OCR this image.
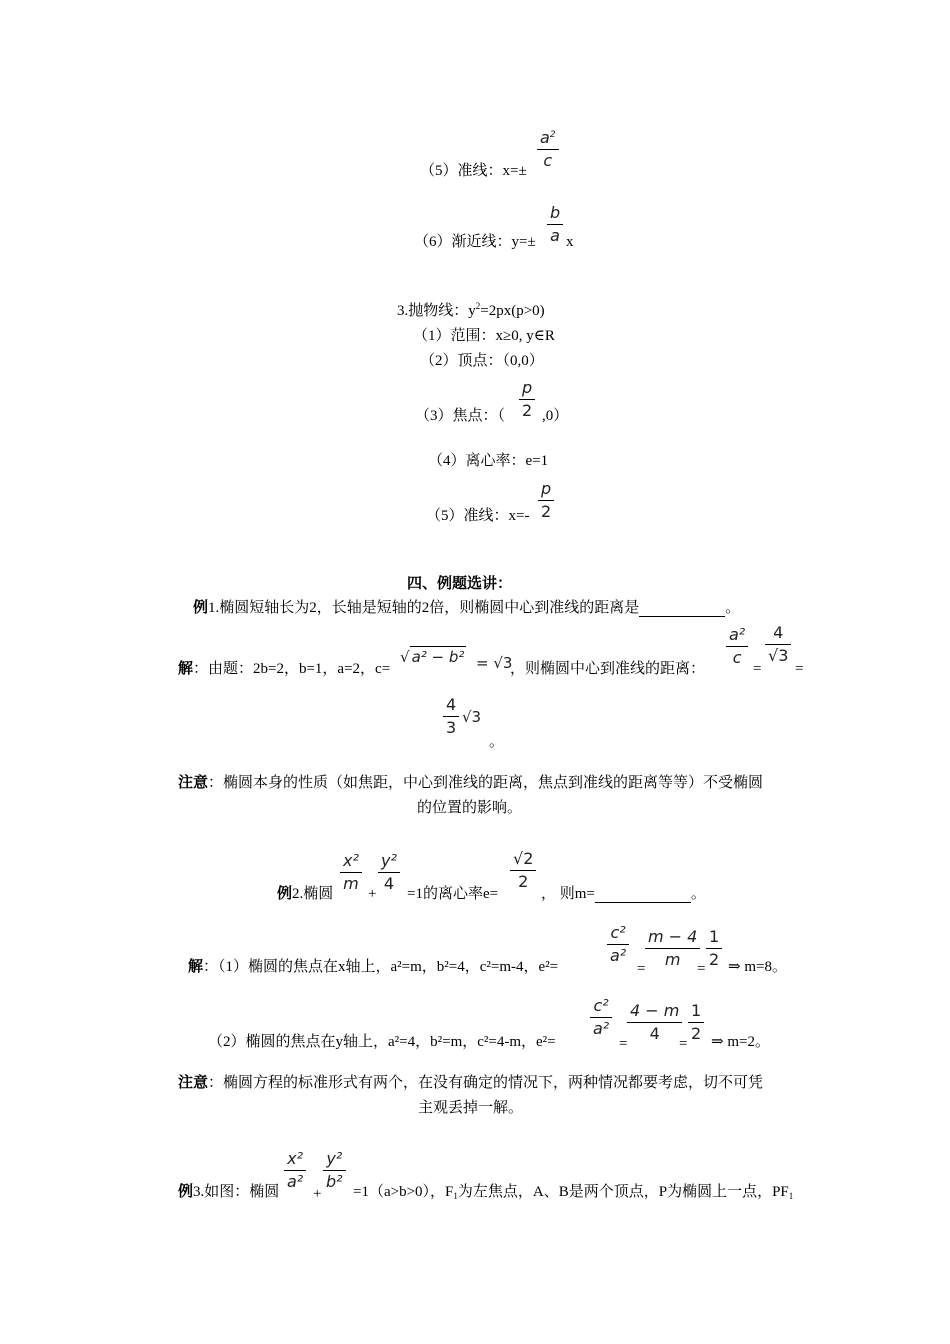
$\frac{a^2}{c}$
（5）准线：x=±
$\frac{b}{a}$
（6）渐近线：y=± x
3.抛物线：$y^2=2px(p>0)$
（1）范围：x≥0, y∈R
（2）顶点：（0,0）
$\frac{p}{2}$
（3）焦点：（ ,0）
（4）离心率：e=1
$\frac{p}{2}$
（5）准线：x=-
四、例题选讲：
例1.椭圆短轴长为2，长轴是短轴的2倍，则椭圆中心到准线的距离是	。
$\frac{\text{a²}}{c} \frac{4}{√3}$
解：由题：2b=2，b=1，a=2，c=
√ a² − b² = √3
，则椭圆中心到准线的距离：	= =
$\frac{4}{3} √3$
。
注意：椭圆本身的性质（如焦距，中心到准线的距离，焦点到准线的距离等等）不受椭圆
的位置的影响。
$\frac{\text{x²}}{m} \frac{\text{y²}}{4}$	$\frac{√2}{2}$
例2.椭圆 + =1的离心率e=	， 则m=	。
$\frac{\text{c²}}{\text{a²}} \frac{m - 4}{m} \frac{1}{2}$
解：（1）椭圆的焦点在x轴上，a²=m，b²=4，c²=m-4，e²=	=	= ⇒ m=8。
$\frac{\text{c²}}{\text{a²}} \frac{4 - m}{4} \frac{1}{2}$
（2）椭圆的焦点在y轴上，a²=4，b²=m，c²=4-m，e²=	=	= ⇒ m=2。
注意：椭圆方程的标准形式有两个，在没有确定的情况下，两种情况都要考虑，切不可凭
主观丢掉一解。
$\frac{\text{x²}}{\text{a²}} \frac{\text{y²}}{\text{b²}}$
例3.如图：椭圆 + =1（a>b>0），$F_1$为左焦点，A、B是两个顶点，P为椭圆上一点，$PF_1$
